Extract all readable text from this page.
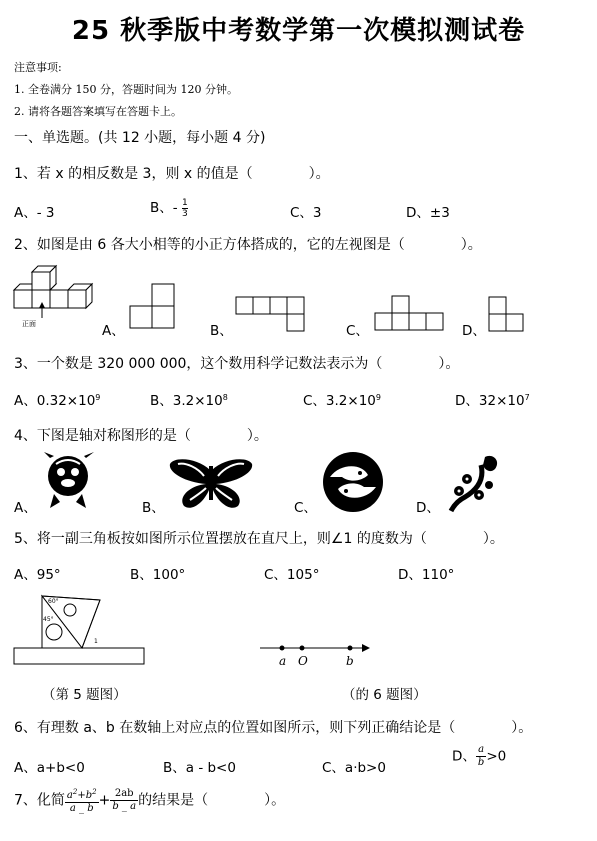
25 秋季版中考数学第一次模拟测试卷
注意事项:
1. 全卷满分 150 分，答题时间为 120 分钟。
2. 请将各题答案填写在答题卡上。
一、单选题。(共 12 小题，每小题 4 分)
1、若 x 的相反数是 3，则 x 的值是（　　　　）。
A、- 3	B、- $\frac{1}{3}$	C、3	D、±3
2、如图是由 6 各大小相等的小正方体搭成的，它的左视图是（　　　　）。
正面	A、	B、	C、	D、
3、一个数是 320 000 000，这个数用科学记数法表示为（　　　　）。
A、$0.32\times 10^9$	B、$3.2\times 10^8$	C、$3.2\times 10^9$	D、$32\times 10^7$
4、下图是轴对称图形的是（　　　　）。
A、	B、	C、	D、
5、将一副三角板按如图所示位置摆放在直尺上，则∠1 的度数为（　　　　）。
A、95°	B、100°	C、105°	D、110°
60°
45°
1
（第 5 题图）
a O	b
（的 6 题图）
6、有理数 a、b 在数轴上对应点的位置如图所示，则下列正确结论是（　　　　）。
A、a+b<0	B、a - b<0	C、a·b>0
D、 $\frac{a}{b} >0$
7、化简 $\frac{a^2+b^2}{a \_ b} + \frac{2ab}{b \_ a}$ 的结果是（　　　　）。
